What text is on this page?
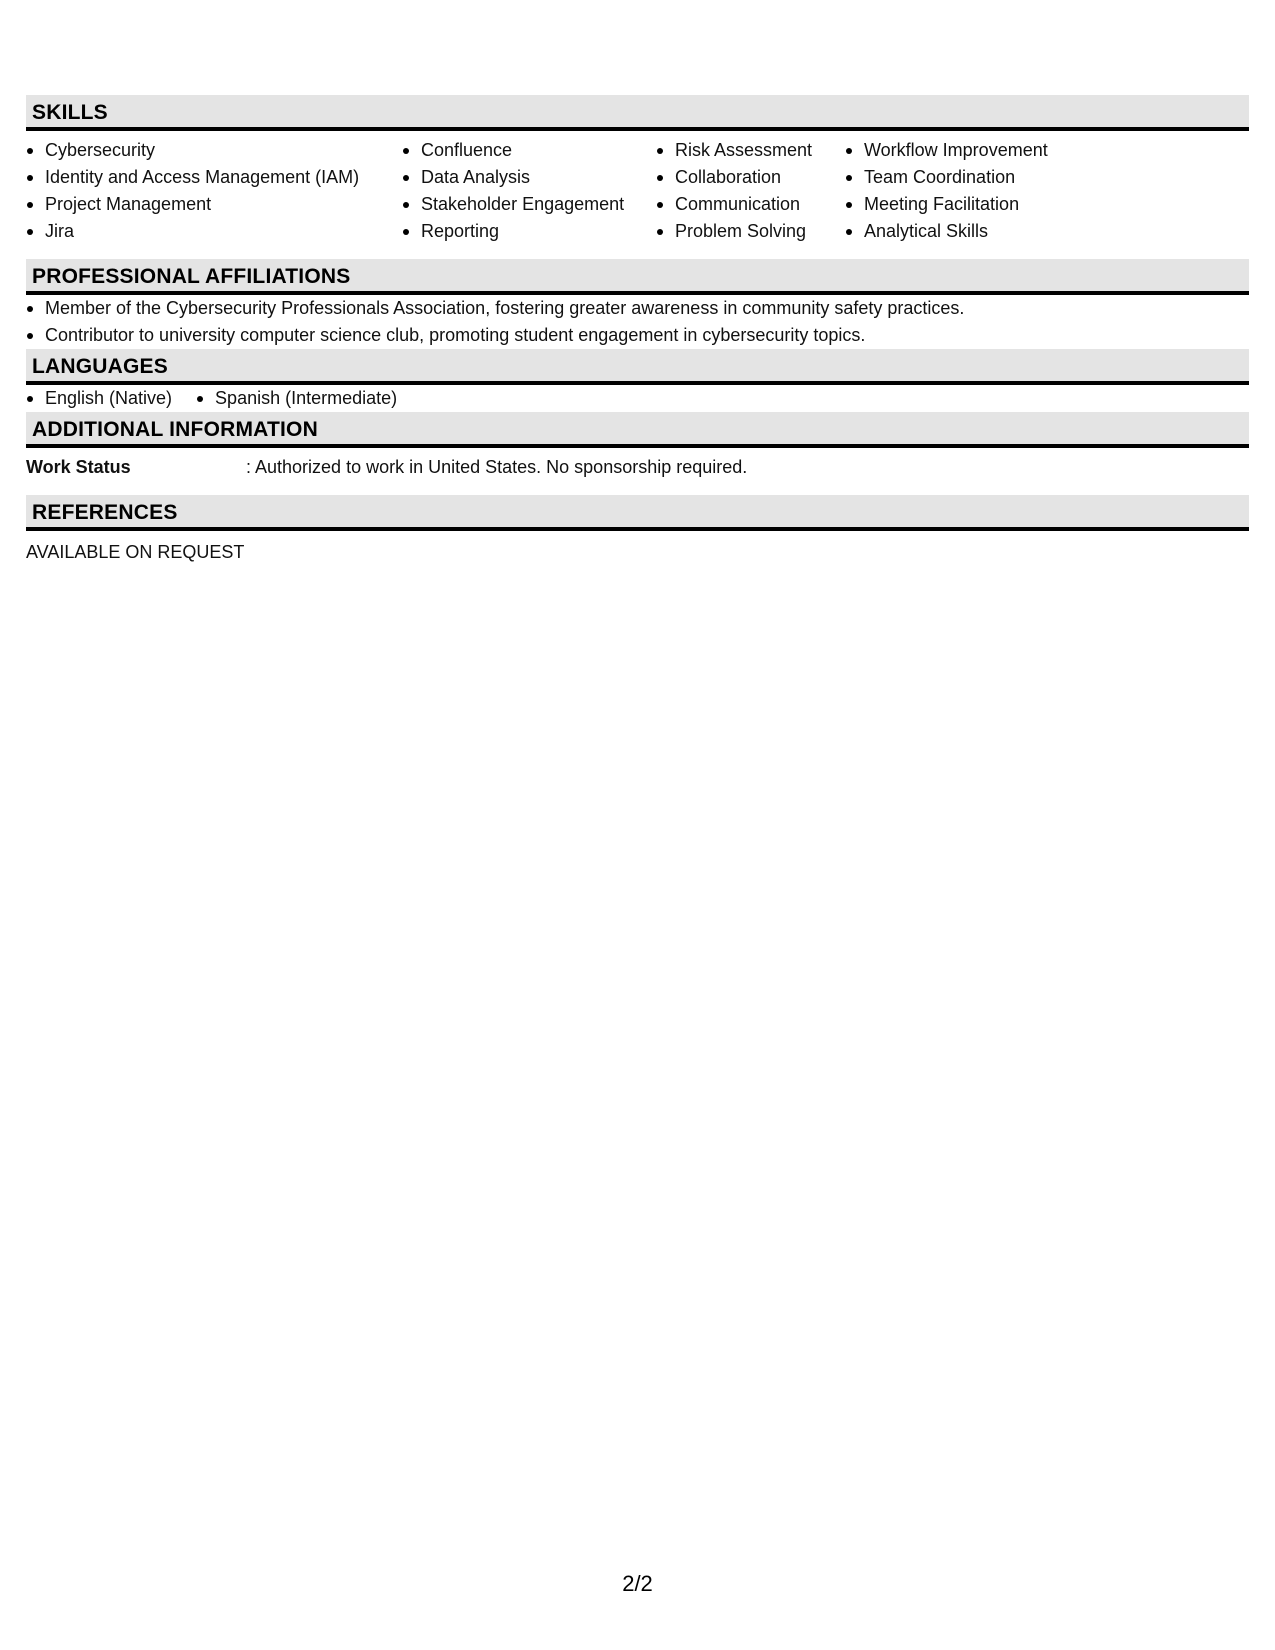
SKILLS
Cybersecurity
Identity and Access Management (IAM)
Project Management
Jira
Confluence
Data Analysis
Stakeholder Engagement
Reporting
Risk Assessment
Collaboration
Communication
Problem Solving
Workflow Improvement
Team Coordination
Meeting Facilitation
Analytical Skills
PROFESSIONAL AFFILIATIONS
Member of the Cybersecurity Professionals Association, fostering greater awareness in community safety practices.
Contributor to university computer science club, promoting student engagement in cybersecurity topics.
LANGUAGES
English (Native)	Spanish (Intermediate)
ADDITIONAL INFORMATION
Work Status	: Authorized to work in United States. No sponsorship required.
REFERENCES
AVAILABLE ON REQUEST
2/2
